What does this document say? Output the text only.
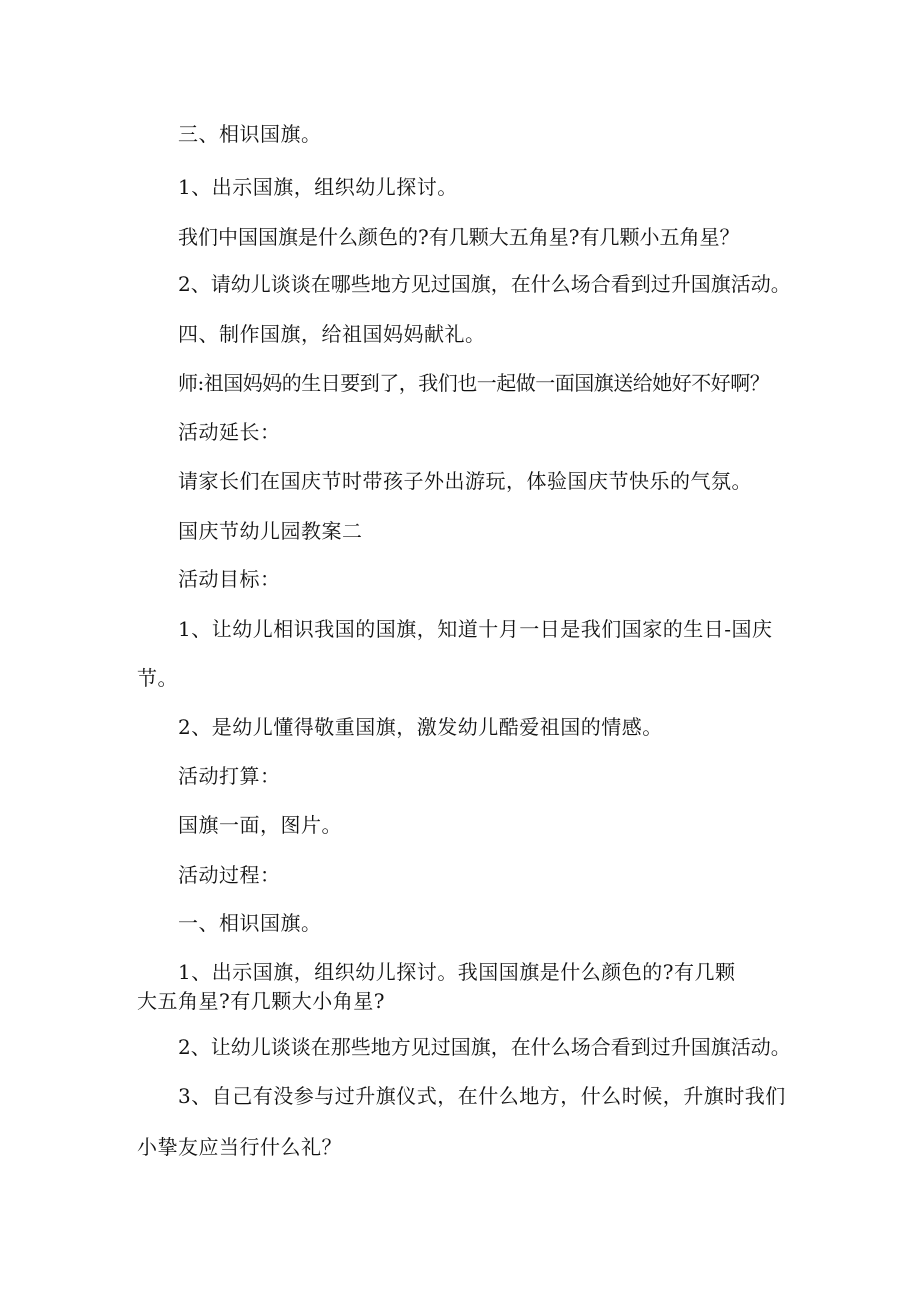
三、相识国旗。
1、出示国旗，组织幼儿探讨。
我们中国国旗是什么颜色的?有几颗大五角星?有几颗小五角星？
2、请幼儿谈谈在哪些地方见过国旗，在什么场合看到过升国旗活动。
四、制作国旗，给祖国妈妈献礼。
师:祖国妈妈的生日要到了，我们也一起做一面国旗送给她好不好啊？
活动延长：
请家长们在国庆节时带孩子外出游玩，体验国庆节快乐的气氛。
国庆节幼儿园教案二
活动目标：
1、让幼儿相识我国的国旗，知道十月一日是我们国家的生日-国庆
节。
2、是幼儿懂得敬重国旗，激发幼儿酷爱祖国的情感。
活动打算：
国旗一面，图片。
活动过程：
一、相识国旗。
1、出示国旗，组织幼儿探讨。我国国旗是什么颜色的?有几颗
大五角星?有几颗大小角星?
2、让幼儿谈谈在那些地方见过国旗，在什么场合看到过升国旗活动。
3、自己有没参与过升旗仪式，在什么地方，什么时候，升旗时我们
小挚友应当行什么礼？
